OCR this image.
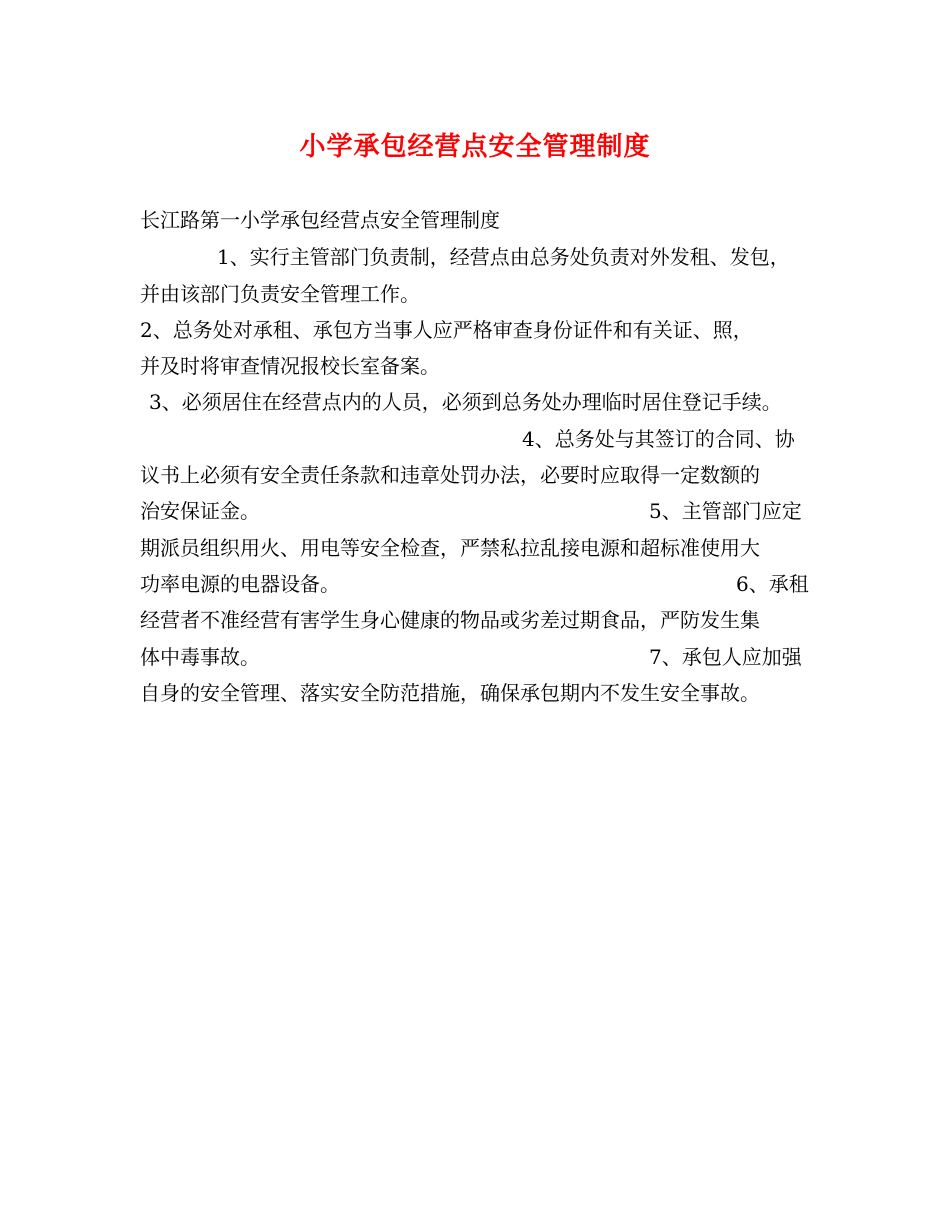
小学承包经营点安全管理制度
长江路第一小学承包经营点安全管理制度
1、实行主管部门负责制，经营点由总务处负责对外发租、发包，
并由该部门负责安全管理工作。
2、总务处对承租、承包方当事人应严格审查身份证件和有关证、照，
并及时将审查情况报校长室备案。
3、必须居住在经营点内的人员，必须到总务处办理临时居住登记手续。
4、总务处与其签订的合同、协
议书上必须有安全责任条款和违章处罚办法，必要时应取得一定数额的
治安保证金。	5、主管部门应定
期派员组织用火、用电等安全检查，严禁私拉乱接电源和超标准使用大
功率电源的电器设备。	6、承租
经营者不准经营有害学生身心健康的物品或劣差过期食品，严防发生集
体中毒事故。	7、承包人应加强
自身的安全管理、落实安全防范措施，确保承包期内不发生安全事故。
